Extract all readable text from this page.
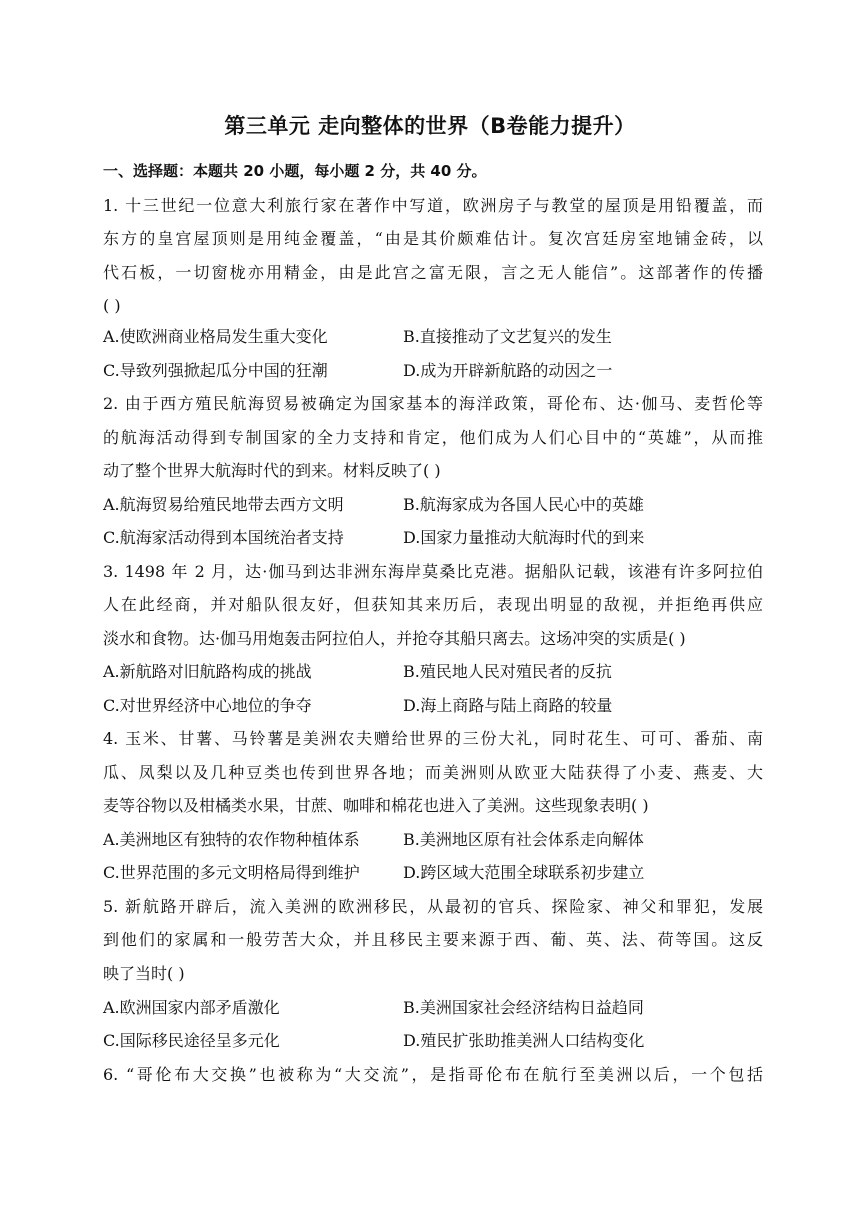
第三单元 走向整体的世界（B卷能力提升）
一、选择题：本题共 20 小题，每小题 2 分，共 40 分。
1. 十三世纪一位意大利旅行家在著作中写道，欧洲房子与教堂的屋顶是用铅覆盖，而
东方的皇宫屋顶则是用纯金覆盖，“由是其价颇难估计。复次宫廷房室地铺金砖，以
代石板，一切窗栊亦用精金，由是此宫之富无限，言之无人能信”。这部著作的传播
( )
A.使欧洲商业格局发生重大变化	B.直接推动了文艺复兴的发生
C.导致列强掀起瓜分中国的狂潮	D.成为开辟新航路的动因之一
2. 由于西方殖民航海贸易被确定为国家基本的海洋政策，哥伦布、达·伽马、麦哲伦等
的航海活动得到专制国家的全力支持和肯定，他们成为人们心目中的“英雄”，从而推
动了整个世界大航海时代的到来。材料反映了( )
A.航海贸易给殖民地带去西方文明	B.航海家成为各国人民心中的英雄
C.航海家活动得到本国统治者支持	D.国家力量推动大航海时代的到来
3. 1498 年 2 月，达·伽马到达非洲东海岸莫桑比克港。据船队记载，该港有许多阿拉伯
人在此经商，并对船队很友好，但获知其来历后，表现出明显的敌视，并拒绝再供应
淡水和食物。达·伽马用炮轰击阿拉伯人，并抢夺其船只离去。这场冲突的实质是( )
A.新航路对旧航路构成的挑战	B.殖民地人民对殖民者的反抗
C.对世界经济中心地位的争夺	D.海上商路与陆上商路的较量
4. 玉米、甘薯、马铃薯是美洲农夫赠给世界的三份大礼，同时花生、可可、番茄、南
瓜、凤梨以及几种豆类也传到世界各地；而美洲则从欧亚大陆获得了小麦、燕麦、大
麦等谷物以及柑橘类水果，甘蔗、咖啡和棉花也进入了美洲。这些现象表明( )
A.美洲地区有独特的农作物种植体系	B.美洲地区原有社会体系走向解体
C.世界范围的多元文明格局得到维护	D.跨区域大范围全球联系初步建立
5. 新航路开辟后，流入美洲的欧洲移民，从最初的官兵、探险家、神父和罪犯，发展
到他们的家属和一般劳苦大众，并且移民主要来源于西、葡、英、法、荷等国。这反
映了当时( )
A.欧洲国家内部矛盾激化	B.美洲国家社会经济结构日益趋同
C.国际移民途径呈多元化	D.殖民扩张助推美洲人口结构变化
6. “哥伦布大交换”也被称为“大交流”，是指哥伦布在航行至美洲以后，一个包括
